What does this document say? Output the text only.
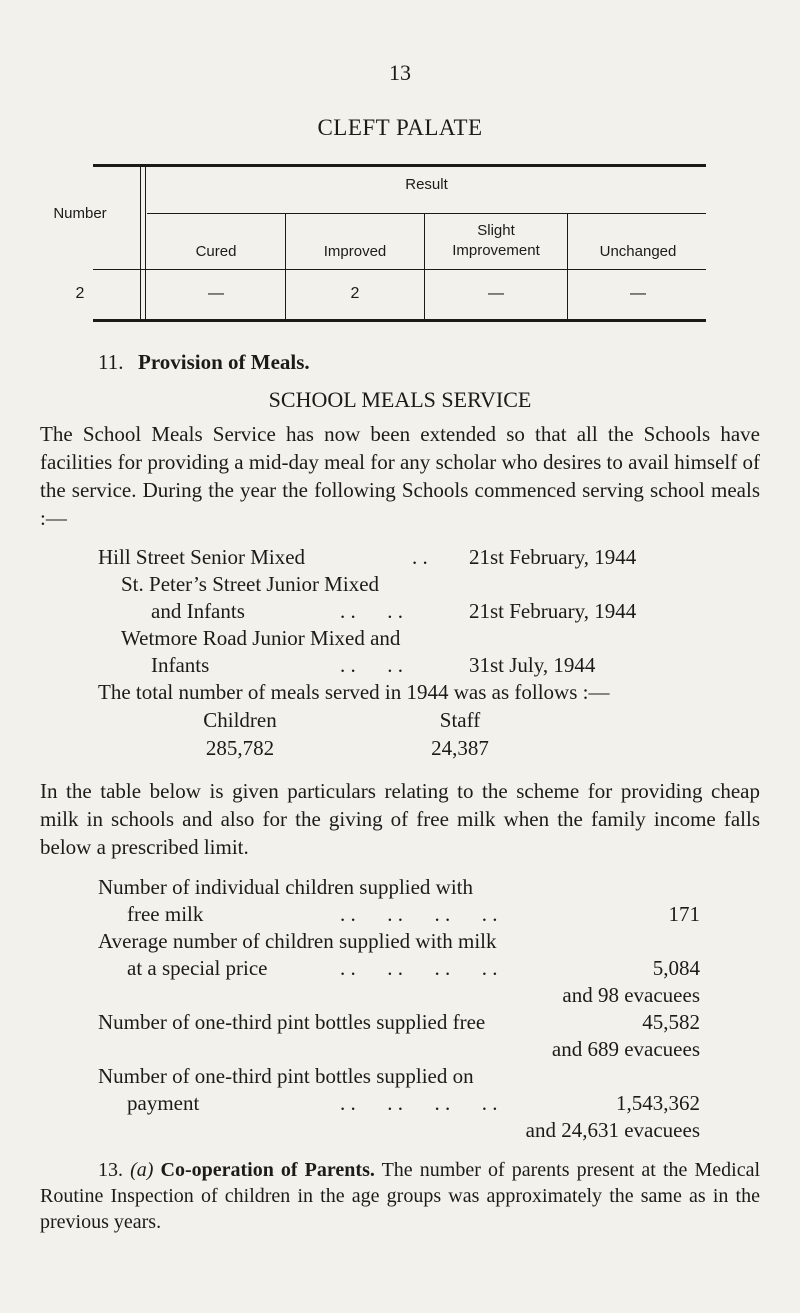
13
CLEFT PALATE
Number
Result
Cured	Improved
Slight
Improvement	Unchanged
2	—	2	—	—
11. Provision of Meals.
SCHOOL MEALS SERVICE

The School Meals Service has now been extended so that all the Schools have facilities for providing a mid-day meal for any scholar who desires to avail himself of the service. During the year the following Schools commenced serving school meals :—

Hill Street Senior Mixed	. . 21st February, 1944
St. Peter’s Street Junior Mixed
and Infants	. .      . .	21st February, 1944
Wetmore Road Junior Mixed and
Infants	. .      . .	31st July, 1944
The total number of meals served in 1944 was as follows :—
Children	Staff
285,782	24,387

In the table below is given particulars relating to the scheme for providing cheap milk in schools and also for the giving of free milk when the family income falls below a prescribed limit.

Number of individual children supplied with
free milk	. .      . .      . .      . .	171
Average number of children supplied with milk
at a special price	. .      . .      . .      . .	5,084
and 98 evacuees
Number of one-third pint bottles supplied free	45,582
and 689 evacuees
Number of one-third pint bottles supplied on
payment	. .      . .      . .      . .	1,543,362
and 24,631 evacuees

13. (a) Co-operation of Parents. The number of parents present at the Medical Routine Inspection of children in the age groups was approximately the same as in the previous years.
